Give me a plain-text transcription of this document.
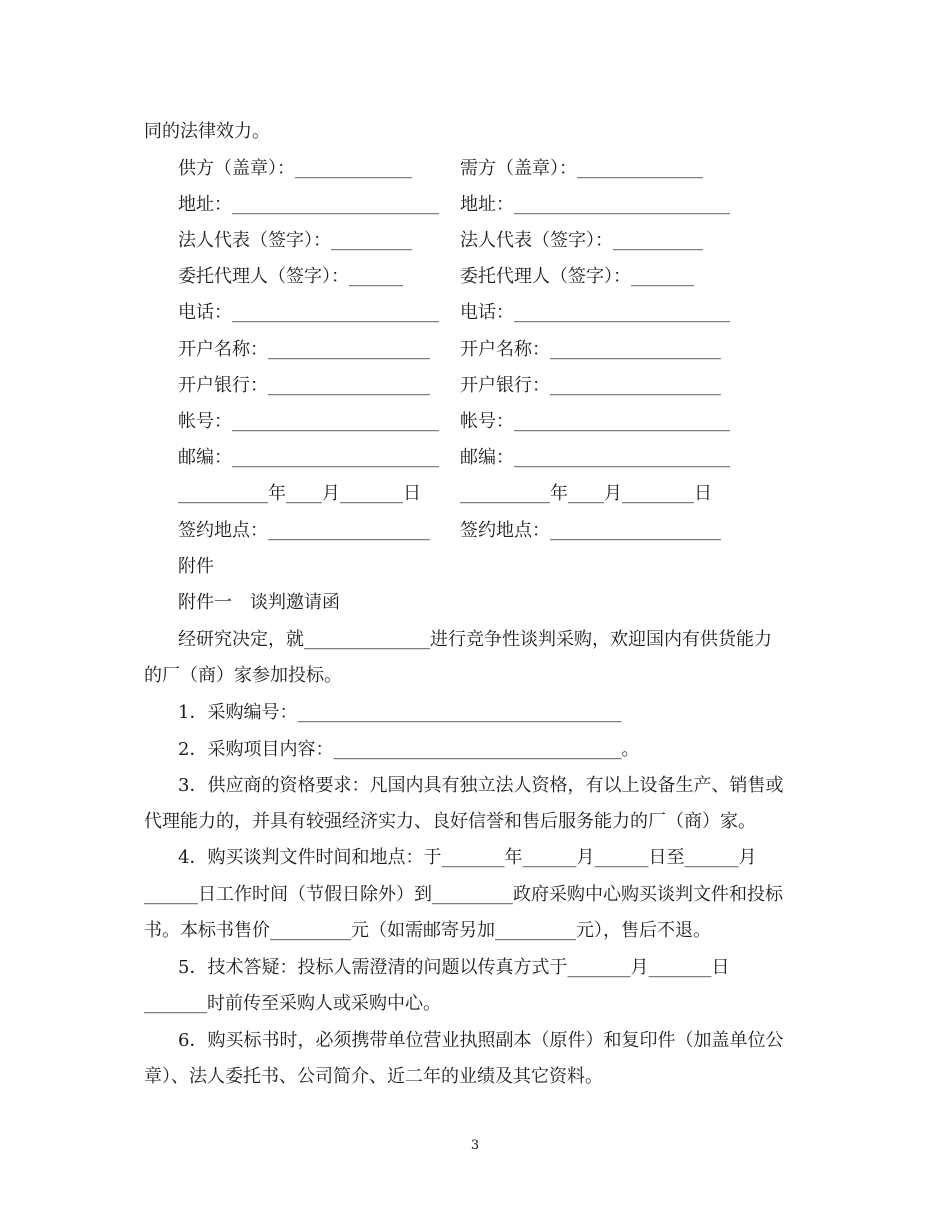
同的法律效力。
供方（盖章）：_____________	需方（盖章）：______________
地址：_______________________ 地址：________________________
法人代表（签字）：_________	法人代表（签字）：__________
委托代理人（签字）：______	委托代理人（签字）：_______
电话：_______________________ 电话：________________________
开户名称：__________________ 开户名称：___________________
开户银行：__________________ 开户银行：___________________
帐号：_______________________ 帐号：________________________
邮编：_______________________ 邮编：________________________
__________年____月_______日 __________年____月________日
签约地点：__________________ 签约地点：___________________
附件
附件一　谈判邀请函
经研究决定，就______________进行竞争性谈判采购，欢迎国内有供货能力
的厂（商）家参加投标。
1．采购编号：____________________________________
2．采购项目内容：________________________________。
3．供应商的资格要求：凡国内具有独立法人资格，有以上设备生产、销售或
代理能力的，并具有较强经济实力、良好信誉和售后服务能力的厂（商）家。
4．购买谈判文件时间和地点：于_______年______月______日至______月
______日工作时间（节假日除外）到_________政府采购中心购买谈判文件和投标
书。本标书售价_________元（如需邮寄另加_________元），售后不退。
5．技术答疑：投标人需澄清的问题以传真方式于_______月_______日
_______时前传至采购人或采购中心。
6．购买标书时，必须携带单位营业执照副本（原件）和复印件（加盖单位公
章）、法人委托书、公司简介、近二年的业绩及其它资料。
3
